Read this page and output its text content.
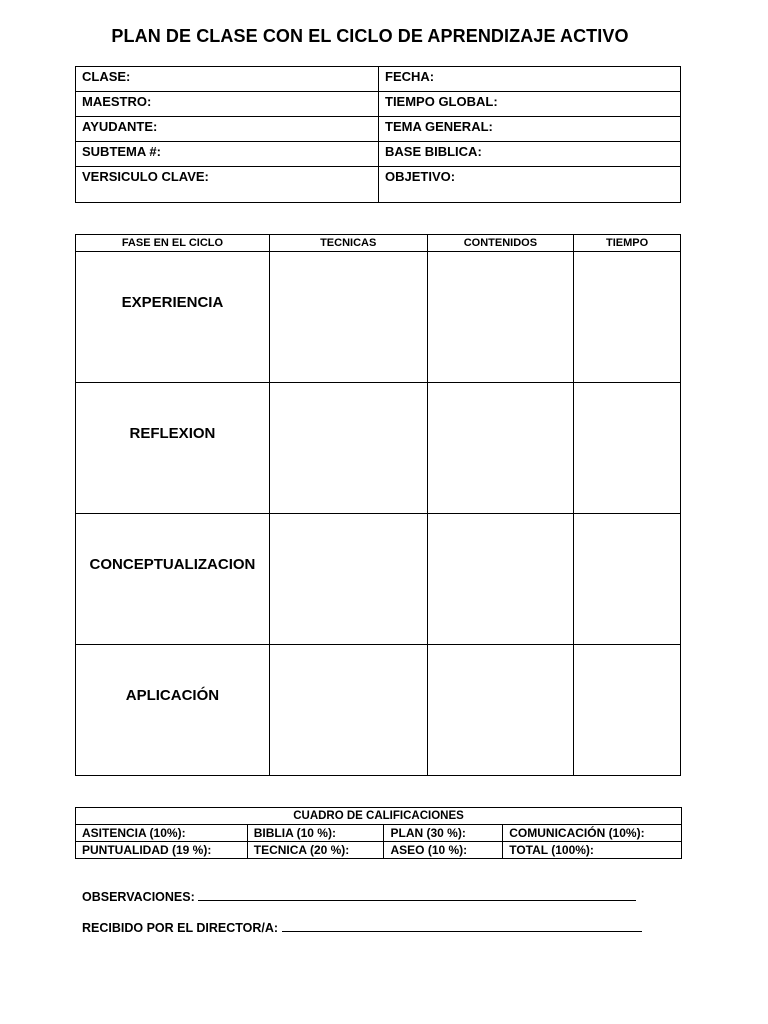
PLAN DE CLASE CON EL CICLO DE APRENDIZAJE ACTIVO
CLASE:	FECHA:
MAESTRO:	TIEMPO GLOBAL:
AYUDANTE:	TEMA GENERAL:
SUBTEMA #:	BASE BIBLICA:
VERSICULO CLAVE:	OBJETIVO:
FASE EN EL CICLO	TECNICAS	CONTENIDOS	TIEMPO
EXPERIENCIA			
REFLEXION			
CONCEPTUALIZACION			
APLICACIÓN			
CUADRO DE CALIFICACIONES			
ASITENCIA (10%):	BIBLIA (10 %):	PLAN (30 %):	COMUNICACIÓN (10%):
PUNTUALIDAD (19 %):	TECNICA (20 %):	ASEO (10 %):	TOTAL (100%):
OBSERVACIONES:
RECIBIDO POR EL DIRECTOR/A:
